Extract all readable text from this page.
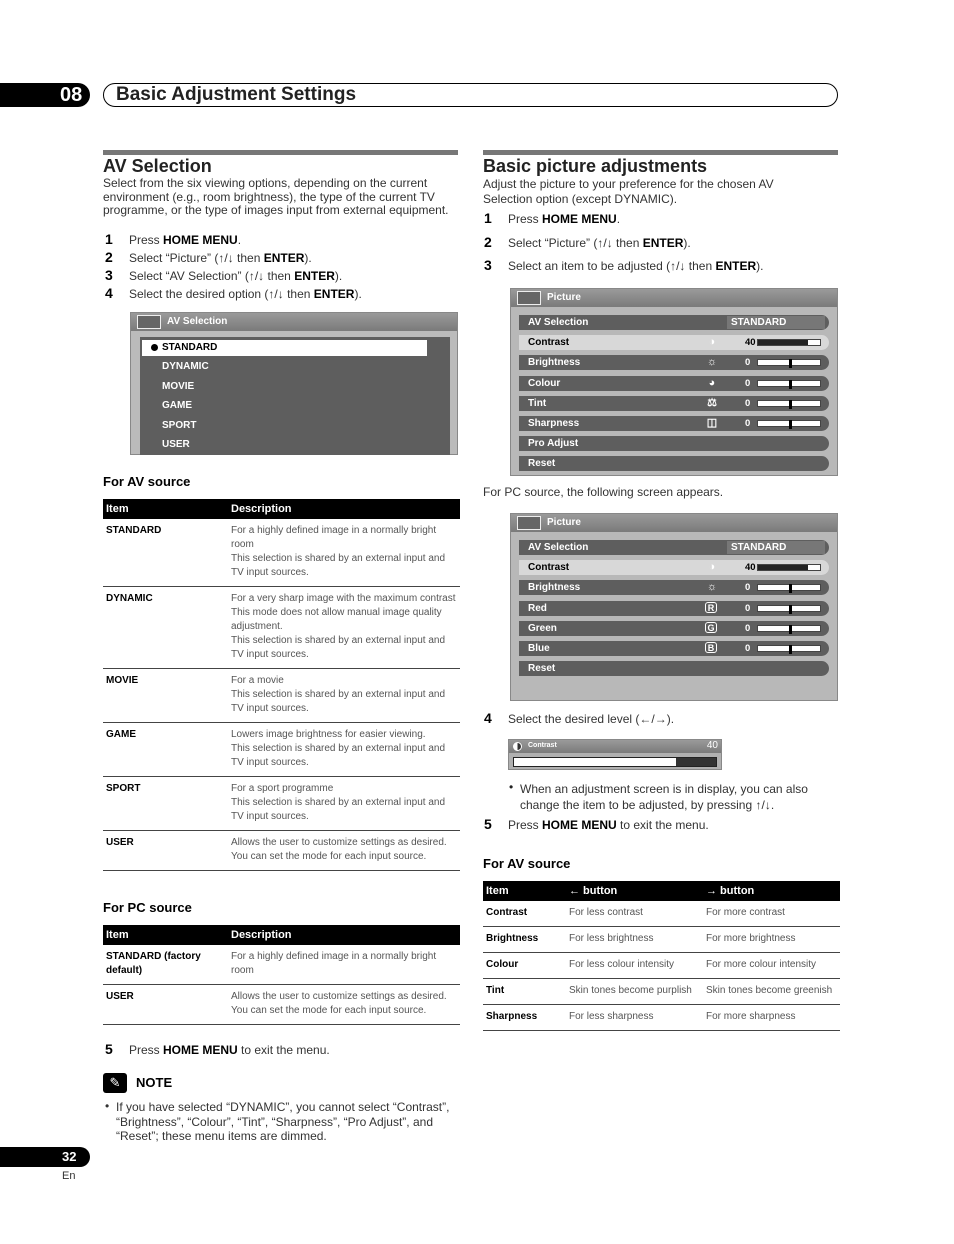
08	Basic Adjustment Settings
AV Selection
Select from the six viewing options, depending on the current environment (e.g., room brightness), the type of the current TV programme, or the type of images input from external equipment.
1 Press HOME MENU.
2 Select “Picture” (↑/↓ then ENTER).
3 Select “AV Selection” (↑/↓ then ENTER).
4 Select the desired option (↑/↓ then ENTER).
AV Selection
STANDARD
DYNAMIC
MOVIE
GAME
SPORT
USER
For AV source
Item	Description
STANDARD	For a highly defined image in a normally bright room
This selection is shared by an external input and TV input sources.

DYNAMIC	For a very sharp image with the maximum contrast
This mode does not allow manual image quality adjustment.
This selection is shared by an external input and TV input sources.

MOVIE	For a movie
This selection is shared by an external input and TV input sources.

GAME	Lowers image brightness for easier viewing.
This selection is shared by an external input and TV input sources.

SPORT	For a sport programme
This selection is shared by an external input and TV input sources.

USER	Allows the user to customize settings as desired. You can set the mode for each input source.
For PC source
Item	Description
STANDARD (factory default)	For a highly defined image in a normally bright room

USER	Allows the user to customize settings as desired. You can set the mode for each input source.
5 Press HOME MENU to exit the menu.
✎	NOTE
• If you have selected “DYNAMIC”, you cannot select “Contrast”, “Brightness”, “Colour”, “Tint”, “Sharpness”, “Pro Adjust”, and “Reset”; these menu items are dimmed.
Basic picture adjustments
Adjust the picture to your preference for the chosen AV Selection option (except DYNAMIC).
1 Press HOME MENU.
2 Select “Picture” (↑/↓ then ENTER).
3 Select an item to be adjusted (↑/↓ then ENTER).
Picture
AV Selection	STANDARD
Contrast	◑	40
Brightness	☼	0
Colour	◕	0
Tint	⚖	0
Sharpness	◫	0
Pro Adjust
Reset
For PC source, the following screen appears.
Picture
AV Selection	STANDARD
Contrast	◑	40
Brightness	☼	0
Red	R	0
Green	G	0
Blue	B	0
Reset
4 Select the desired level (←/→).
Contrast	40
• When an adjustment screen is in display, you can also change the item to be adjusted, by pressing ↑/↓.
5 Press HOME MENU to exit the menu.
For AV source
Item	← button	→ button
Contrast	For less contrast	For more contrast
Brightness	For less brightness	For more brightness
Colour	For less colour intensity	For more colour intensity
Tint	Skin tones become purplish	Skin tones become greenish
Sharpness	For less sharpness	For more sharpness
32
En
